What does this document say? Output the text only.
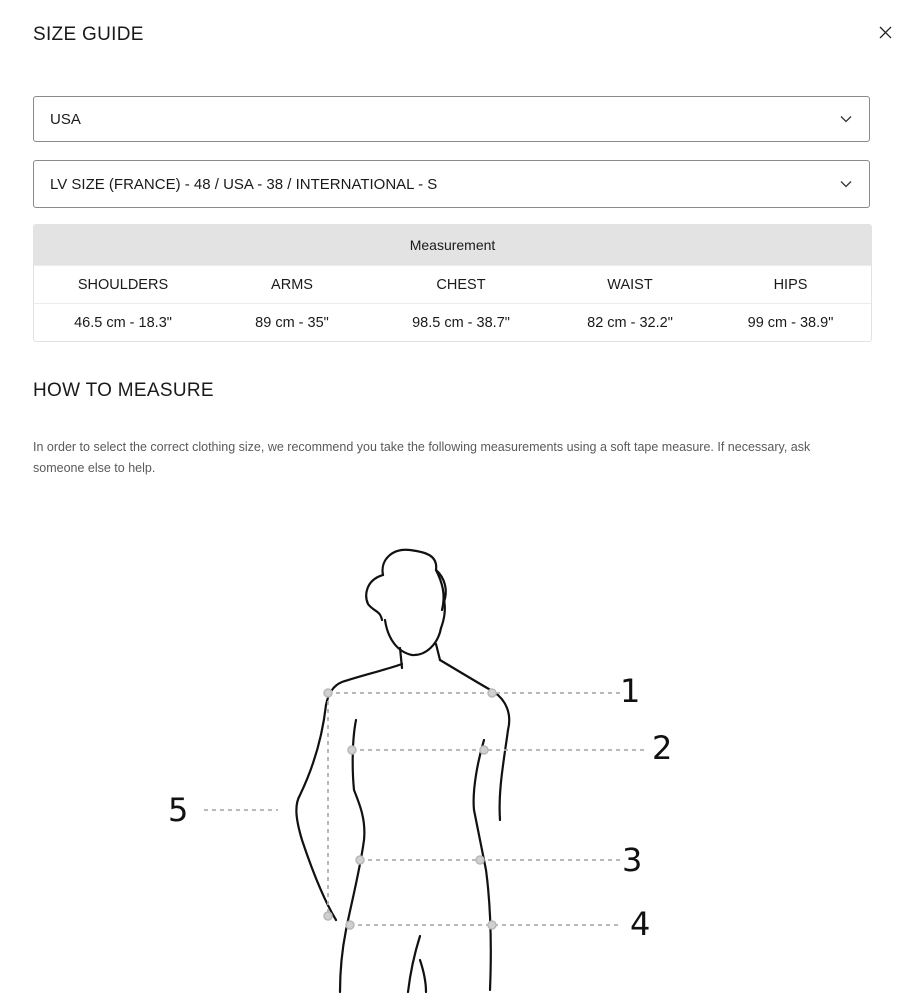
SIZE GUIDE
USA
LV SIZE (FRANCE) - 48 / USA - 38 / INTERNATIONAL - S
Measurement
SHOULDERS	ARMS	CHEST	WAIST	HIPS
46.5 cm - 18.3"	89 cm - 35"	98.5 cm - 38.7"	82 cm - 32.2"	99 cm - 38.9"
HOW TO MEASURE
In order to select the correct clothing size, we recommend you take the following measurements using a soft tape measure. If necessary, ask someone else to help.
1
2
3
4
5
